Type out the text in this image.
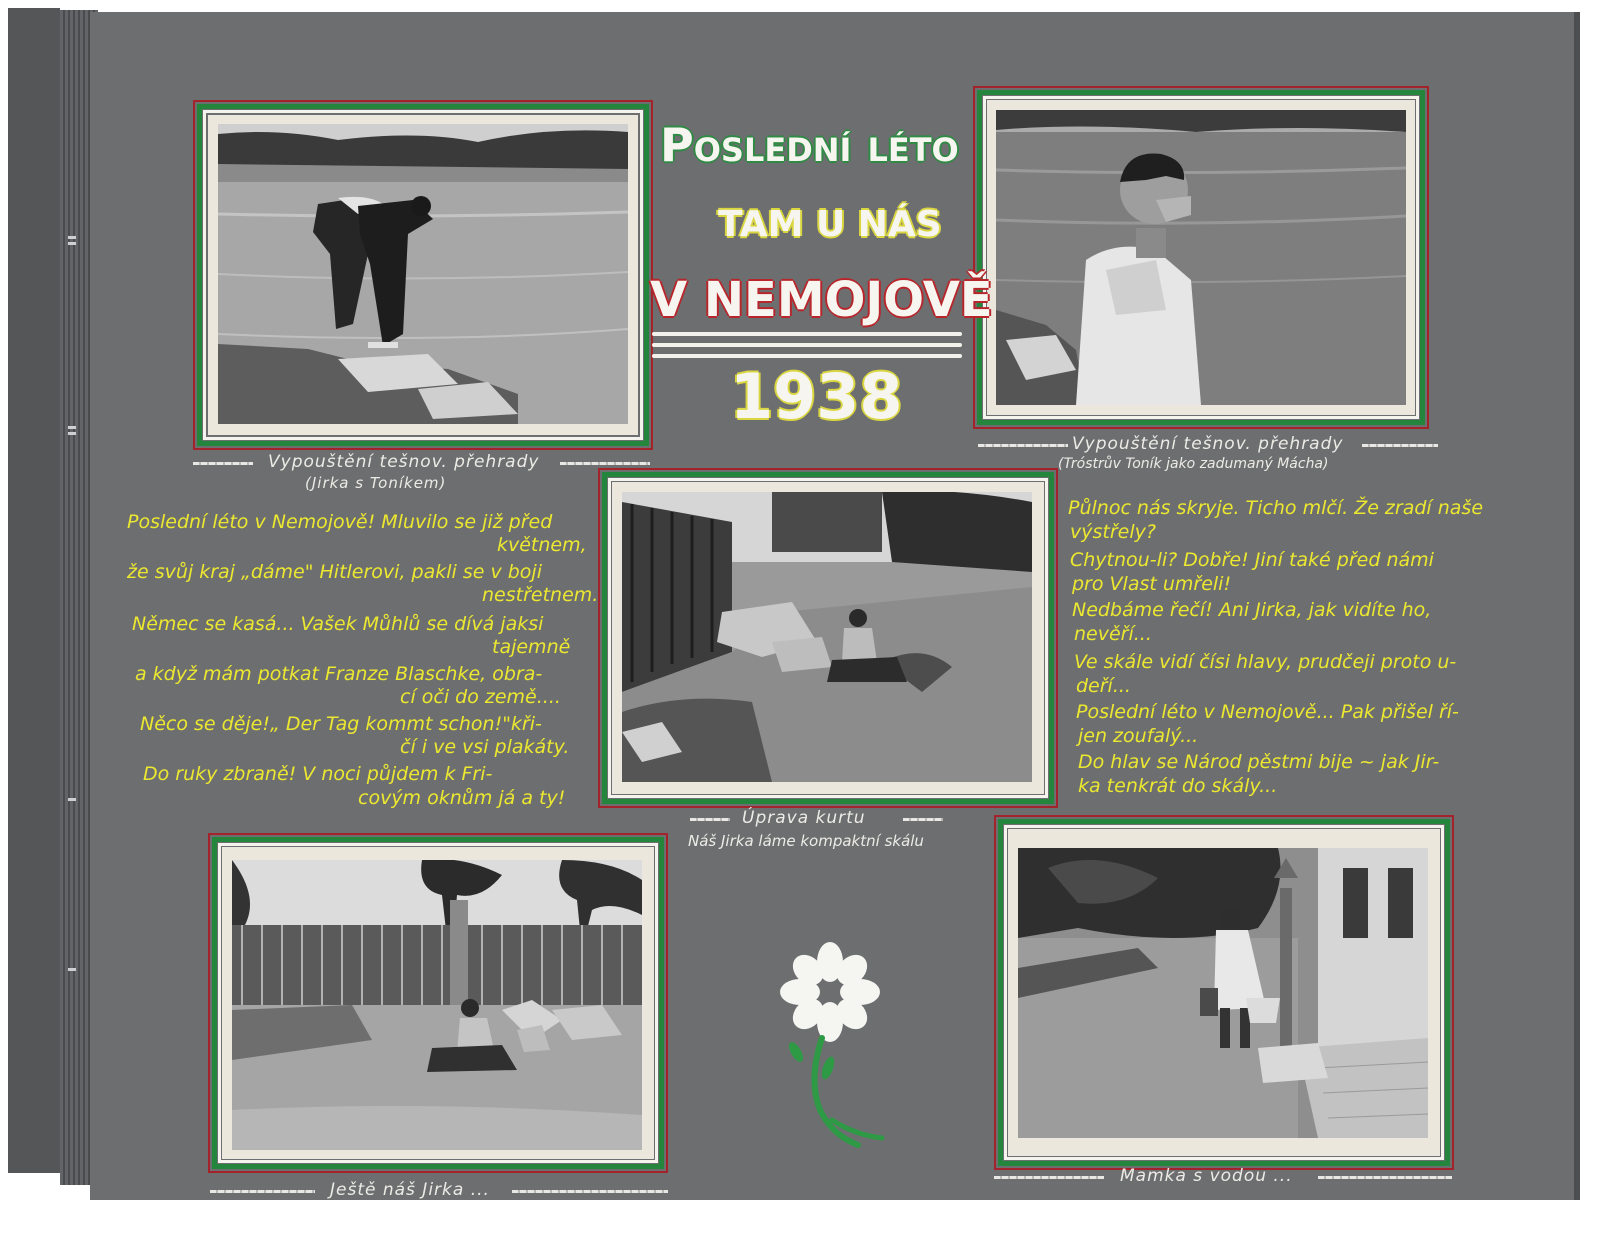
Vypouštění tešnov. přehrady
(Jirka s Toníkem)
Vypouštění tešnov. přehrady
(Tróstrův Toník jako zadumaný Mácha)
Úprava kurtu
Náš Jirka láme kompaktní skálu
Ještě náš Jirka ...
Mamka s vodou ...
Poslední léto
TAM U NÁS
V NEMOJOVĚ
1938
Poslední léto v Nemojově! Mluvilo se již před
květnem,
že svůj kraj „dáme" Hitlerovi, pakli se v boji
nestřetnem.
Němec se kasá... Vašek Můhlů se dívá jaksi
tajemně
a když mám potkat Franze Blaschke, obra-
cí oči do země....
Něco se děje!„ Der Tag kommt schon!"kři-
čí i ve vsi plakáty.
Do ruky zbraně! V noci půjdem k Fri-
covým oknům já a ty!
Půlnoc nás skryje. Ticho mlčí. Že zradí naše
výstřely?
Chytnou-li? Dobře! Jiní také před námi
pro Vlast umřeli!
Nedbáme řečí! Ani Jirka, jak vidíte ho,
nevěří...
Ve skále vidí čísi hlavy, prudčeji proto u-
deří...
Poslední léto v Nemojově... Pak přišel ří-
jen zoufalý...
Do hlav se Národ pěstmi bije ~ jak Jir-
ka tenkrát do skály...
